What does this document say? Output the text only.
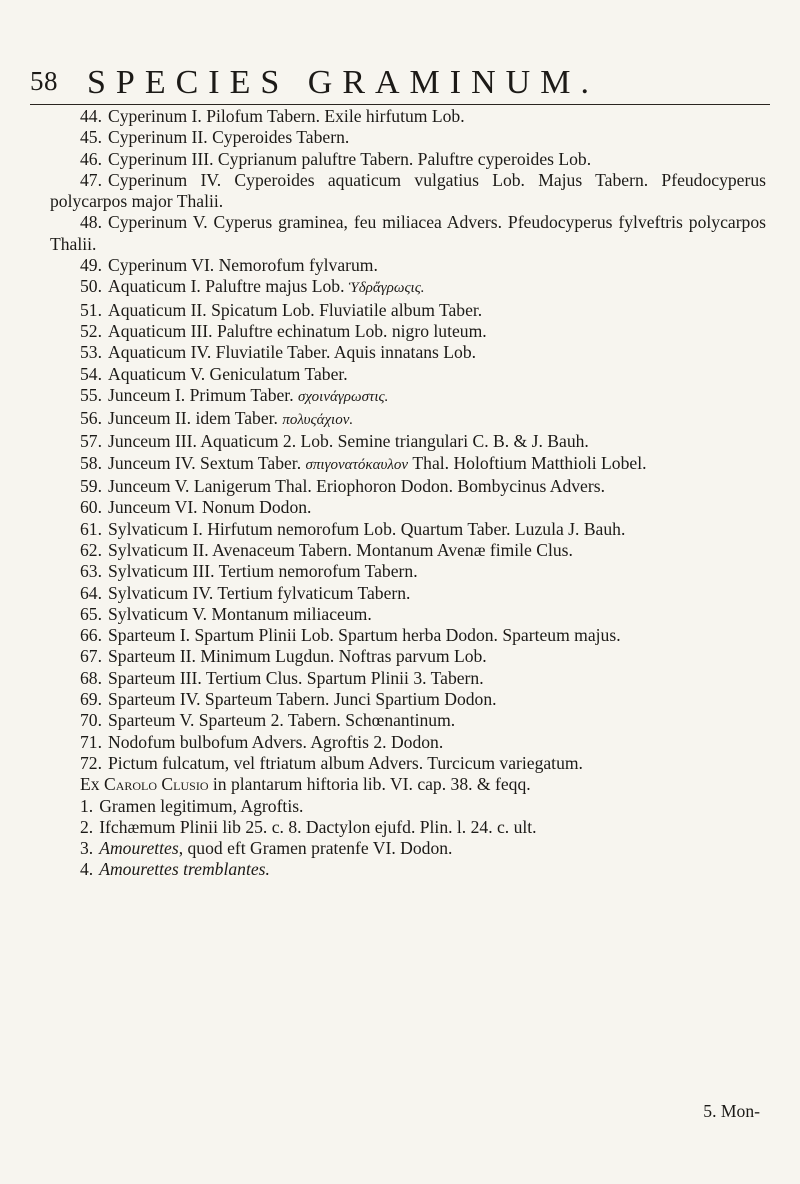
58 SPECIES GRAMINUM.

44. Cyperinum I. Pilofum Tabern. Exile hirfutum Lob.

45. Cyperinum II. Cyperoides Tabern.

46. Cyperinum III. Cyprianum paluftre Tabern. Paluftre cyperoides Lob.

47. Cyperinum IV. Cyperoides aquaticum vulgatius Lob. Majus Tabern. Pfeudocyperus polycarpos major Thalii.

48. Cyperinum V. Cyperus graminea, feu miliacea Advers. Pfeudocyperus fylveftris polycarpos Thalii.

49. Cyperinum VI. Nemorofum fylvarum.

50. Aquaticum I. Paluftre majus Lob. Ὑδρἄγρωςις.

51. Aquaticum II. Spicatum Lob. Fluviatile album Taber.

52. Aquaticum III. Paluftre echinatum Lob. nigro luteum.

53. Aquaticum IV. Fluviatile Taber. Aquis innatans Lob.

54. Aquaticum V. Geniculatum Taber.

55. Junceum I. Primum Taber. σχοινάγρωστις.

56. Junceum II. idem Taber. πολυςάχιον.

57. Junceum III. Aquaticum 2. Lob. Semine triangulari C. B. & J. Bauh.

58. Junceum IV. Sextum Taber. σπιγονατόκαυλον Thal. Holoftium Matthioli Lobel.

59. Junceum V. Lanigerum Thal. Eriophoron Dodon. Bombycinus Advers.

60. Junceum VI. Nonum Dodon.

61. Sylvaticum I. Hirfutum nemorofum Lob. Quartum Taber. Luzula J. Bauh.

62. Sylvaticum II. Avenaceum Tabern. Montanum Avenæ fimile Clus.

63. Sylvaticum III. Tertium nemorofum Tabern.

64. Sylvaticum IV. Tertium fylvaticum Tabern.

65. Sylvaticum V. Montanum miliaceum.

66. Sparteum I. Spartum Plinii Lob. Spartum herba Dodon. Sparteum majus.

67. Sparteum II. Minimum Lugdun. Noftras parvum Lob.

68. Sparteum III. Tertium Clus. Spartum Plinii 3. Tabern.

69. Sparteum IV. Sparteum Tabern. Junci Spartium Dodon.

70. Sparteum V. Sparteum 2. Tabern. Schœnantinum.

71. Nodofum bulbofum Advers. Agroftis 2. Dodon.

72. Pictum fulcatum, vel ftriatum album Advers. Turcicum variegatum.

Ex Carolo Clusio in plantarum hiftoria lib. VI. cap. 38. & feqq.

1. Gramen legitimum, Agroftis.

2. Ifchæmum Plinii lib 25. c. 8. Dactylon ejufd. Plin. l. 24. c. ult.

3. Amourettes, quod eft Gramen pratenfe VI. Dodon.

4. Amourettes tremblantes.

5. Mon-
